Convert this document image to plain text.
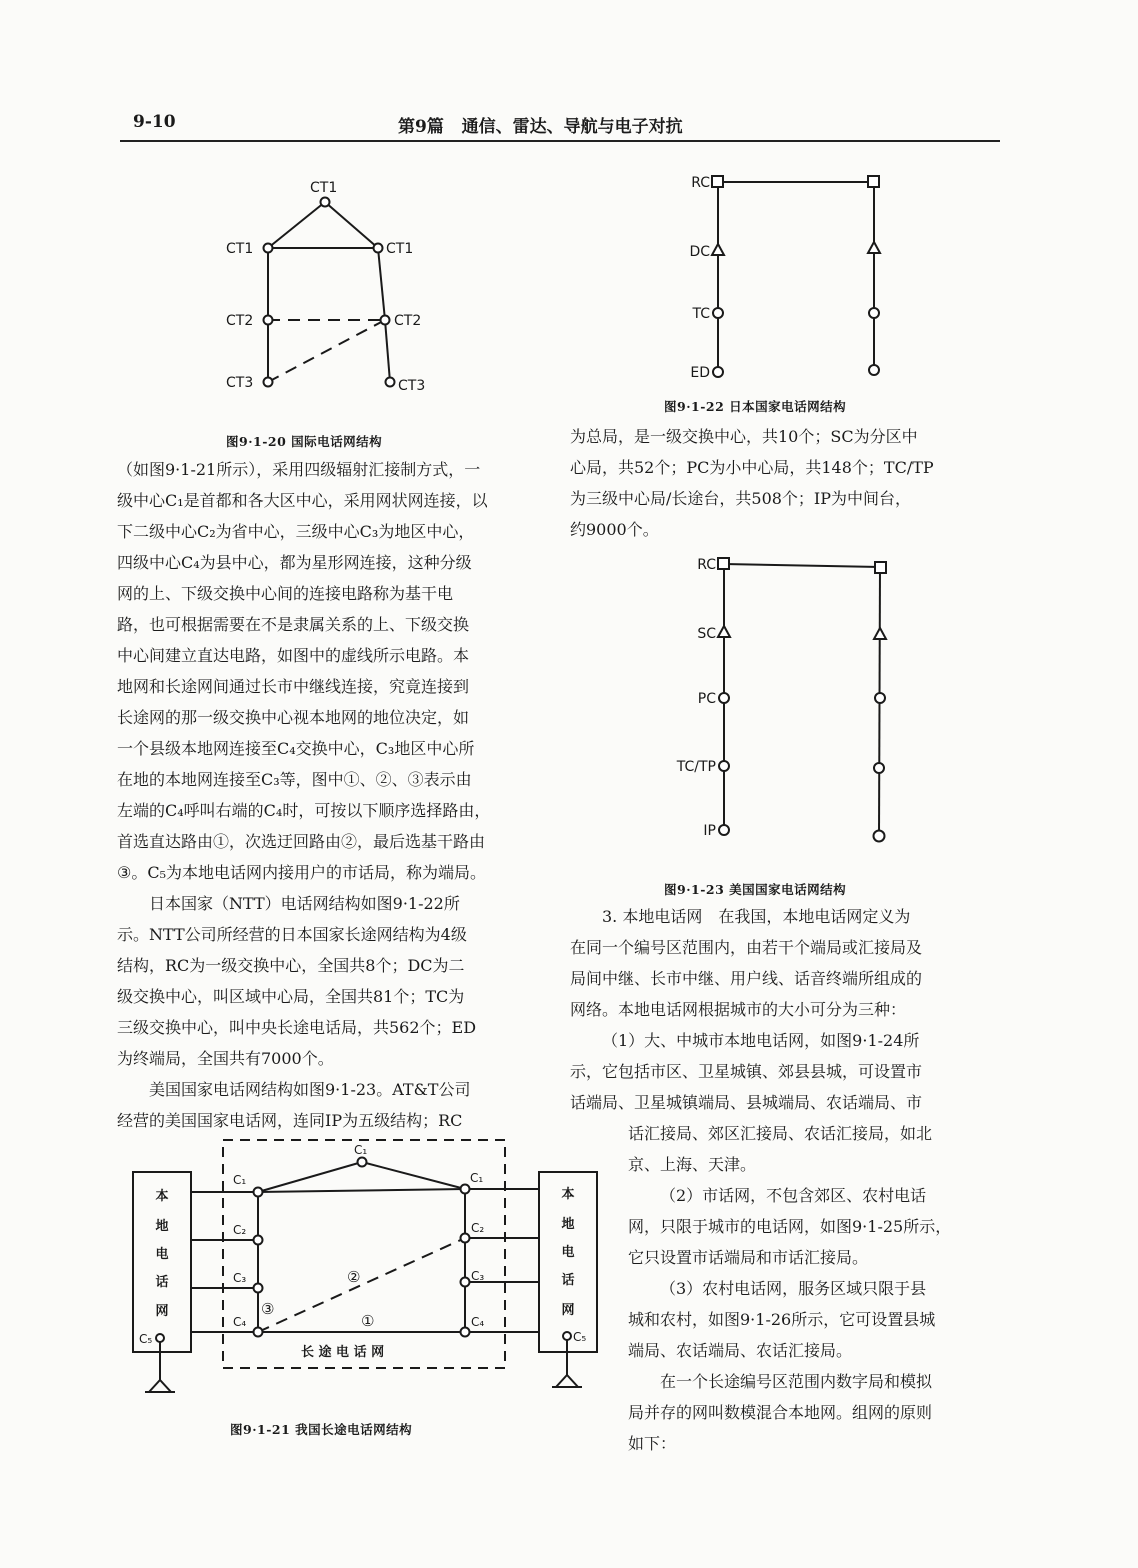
9-10	第9篇   通信、雷达、导航与电子对抗
CT1
CT1	CT1
CT2	CT2
CT3	CT3
图9·1-20 国际电话网结构
RC
DC
TC
ED
图9·1-22 日本国家电话网结构
RC
SC
PC
TC/TP
IP
图9·1-23 美国国家电话网结构
本
地
电
话
网
本
地
电
话
网
C₁
C₁
C₂
C₃
C₄
C₁
C₂
C₃
C₄
C₅	C₅
①
②
③
长 途 电 话 网
图9·1-21 我国长途电话网结构
（如图9·1-21所示），采用四级辐射汇接制方式，一
级中心C₁是首都和各大区中心，采用网状网连接，以
下二级中心C₂为省中心，三级中心C₃为地区中心，
四级中心C₄为县中心，都为星形网连接，这种分级
网的上、下级交换中心间的连接电路称为基干电
路，也可根据需要在不是隶属关系的上、下级交换
中心间建立直达电路，如图中的虚线所示电路。本
地网和长途网间通过长市中继线连接，究竟连接到
长途网的那一级交换中心视本地网的地位决定，如
一个县级本地网连接至C₄交换中心，C₃地区中心所
在地的本地网连接至C₃等，图中①、②、③表示由
左端的C₄呼叫右端的C₄时，可按以下顺序选择路由，
首选直达路由①，次选迂回路由②，最后选基干路由
③。C₅为本地电话网内接用户的市话局，称为端局。
日本国家（NTT）电话网结构如图9·1-22所
示。NTT公司所经营的日本国家长途网结构为4级
结构，RC为一级交换中心，全国共8个；DC为二
级交换中心，叫区域中心局，全国共81个；TC为
三级交换中心，叫中央长途电话局，共562个；ED
为终端局，全国共有7000个。
美国国家电话网结构如图9·1-23。AT&T公司
经营的美国国家电话网，连同IP为五级结构；RC
为总局，是一级交换中心，共10个；SC为分区中
心局，共52个；PC为小中心局，共148个；TC/TP
为三级中心局/长途台，共508个；IP为中间台，
约9000个。
3. 本地电话网　在我国，本地电话网定义为
在同一个编号区范围内，由若干个端局或汇接局及
局间中继、长市中继、用户线、话音终端所组成的
网络。本地电话网根据城市的大小可分为三种：
（1）大、中城市本地电话网，如图9·1-24所
示，它包括市区、卫星城镇、郊县县城，可设置市
话端局、卫星城镇端局、县城端局、农话端局、市
话汇接局、郊区汇接局、农话汇接局，如北
京、上海、天津。
（2）市话网，不包含郊区、农村电话
网，只限于城市的电话网，如图9·1-25所示，
它只设置市话端局和市话汇接局。
（3）农村电话网，服务区域只限于县
城和农村，如图9·1-26所示，它可设置县城
端局、农话端局、农话汇接局。
在一个长途编号区范围内数字局和模拟
局并存的网叫数模混合本地网。组网的原则
如下：
